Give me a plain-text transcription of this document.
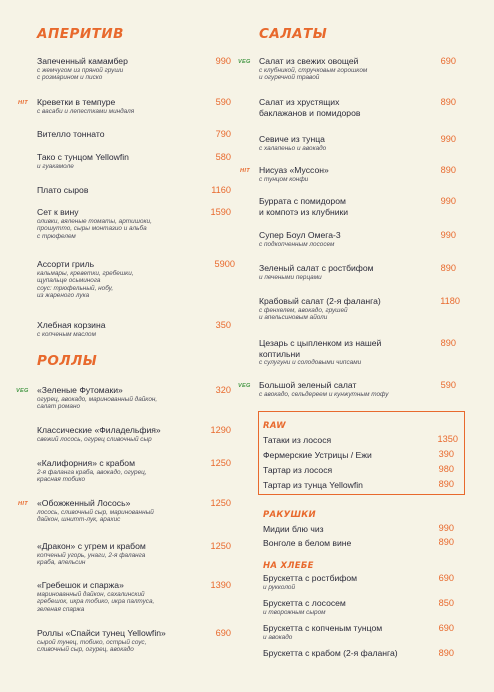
АПЕРИТИВ
Запеченный камамбер
с жемчугом из пряной груши
с розмарином и писко
990
HIT Креветки в темпуре
с васаби и лепестками миндаля
590
Вителло тоннато	790
Тако с тунцом Yellowfin
и гуакамоле
580
Плато сыров	1160
Сет к вину
оливки, вяленые томаты, артишоки,
прошутто, сыры монтазио и альба
с трюфелем
1590
Ассорти гриль
кальмары, креветки, гребешки,
щупальце осьминога
соус: трюфельный, нобу,
из жареного лука
5900
Хлебная корзина
с копченым маслом
350
РОЛЛЫ
VEG «Зеленые Футомаки»
огурец, авокадо, маринованный дайкон,
салат романо
320
Классические «Филадельфия»
свежий лосось, огурец сливочный сыр
1290
«Калифорния» с крабом
2-я фаланга краба, авокадо, огурец,
красная тобико
1250
HIT «Обожженный Лосось»
лосось, сливочный сыр, маринованный
дайкон, шнитт-лук, арахис
1250
«Дракон» с угрем и крабом
копченый угорь, унаги, 2-я фаланга
краба, апельсин
1250
«Гребешок и спаржа»
маринованный дайкон, сахалинский
гребешок, икра тобико, икра палтуса,
зеленая спаржа
1390
Роллы «Спайси тунец Yellowfin»
сырой тунец, тобико, острый соус,
сливочный сыр, огурец, авокадо
690
САЛАТЫ
VEG Салат из свежих овощей
с клубникой, стручковым горошком
и огуречной травой
690
Салат из хрустящих
баклажанов и помидоров
890
Севиче из тунца
с халапеньо и авокадо
990
HIT Нисуаз «Муссон»
с тунцом конфи
890
Буррата с помидором
и компотэ из клубники
990
Супер Боул Омега-3
с подкопченным лососем
990
Зеленый салат с ростбифом
и печеными перцами
890
Крабовый салат (2-я фаланга)
с фенхелем, авокадо, грушей
и апельсиновым айоли
1180
Цезарь с цыпленком из нашей
коптильни
с сулугуни и солодовыми чипсами
890
VEG Большой зеленый салат
с авокадо, сельдереем и кунжутным тофу
590
RAW
Татаки из лосося	1350
Фермерские Устрицы / Ежи	390
Тартар из лосося	980
Тартар из тунца Yellowfin	890
РАКУШКИ
Мидии блю чиз	990
Вонголе в белом вине	890
НА ХЛЕБЕ
Брускетта с ростбифом
и рукколой
690
Брускетта с лососем
и творожным сыром
850
Брускетта с копченым тунцом
и авокадо
690
Брускетта с крабом (2-я фаланга)	890
